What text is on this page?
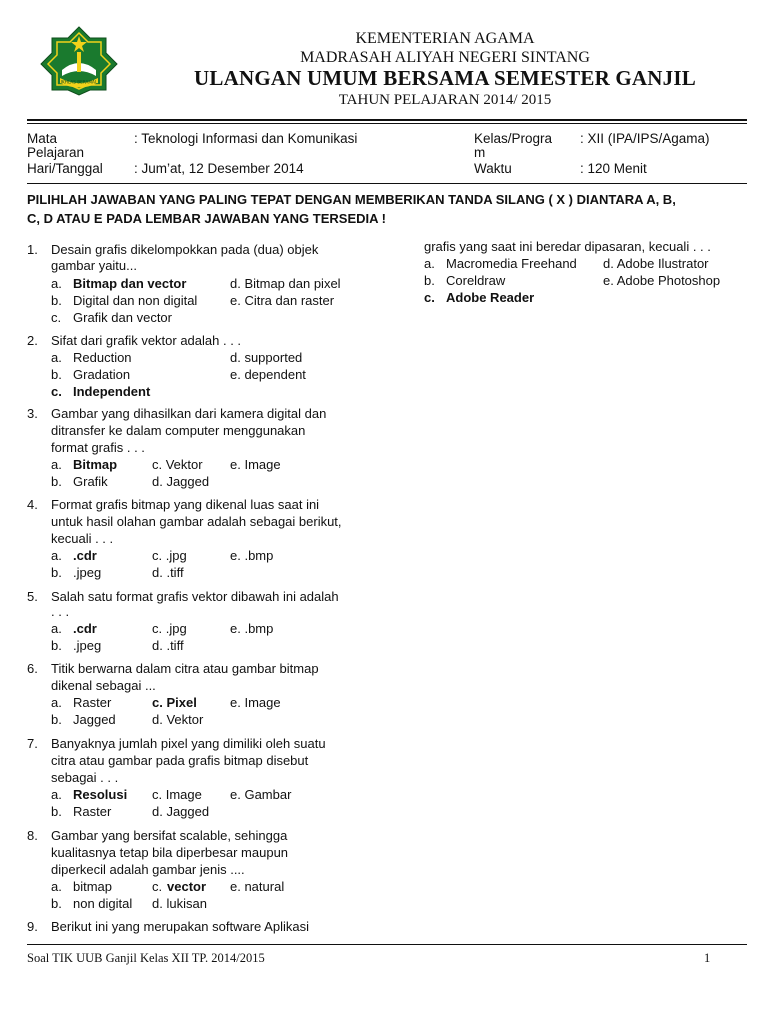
IKHLAS BERAMAL
KEMENTERIAN AGAMA
MADRASAH ALIYAH NEGERI SINTANG
ULANGAN UMUM BERSAMA SEMESTER GANJIL
TAHUN PELAJARAN 2014/ 2015
Mata
Pelajaran
: Teknologi Informasi dan Komunikasi
Hari/Tanggal : Jum’at, 12 Desember 2014
Kelas/Progra
m
: XII (IPA/IPS/Agama)
Waktu	: 120 Menit
PILIHLAH JAWABAN YANG PALING TEPAT DENGAN MEMBERIKAN TANDA SILANG ( X ) DIANTARA A, B,
C, D ATAU E PADA LEMBAR JAWABAN YANG TERSEDIA !
1. Desain grafis dikelompokkan pada (dua) objek
gambar yaitu...
a. Bitmap dan vector
b. Digital dan non digital
c. Grafik dan vector
d. Bitmap dan pixel
e. Citra dan raster
2. Sifat dari grafik vektor adalah . . .
a. Reduction
b. Gradation
c. Independent
d. supported
e. dependent
3. Gambar yang dihasilkan dari kamera digital dan
ditransfer ke dalam computer menggunakan
format grafis . . .
a. Bitmap
b. Grafik
c. Vektor
d. Jagged
e. Image
4. Format grafis bitmap yang dikenal luas saat ini
untuk hasil olahan gambar adalah sebagai berikut,
kecuali . . .
a. .cdr
b. .jpeg
c. .jpg
d. .tiff
e. .bmp
5. Salah satu format grafis vektor dibawah ini adalah
. . .
a. .cdr
b. .jpeg
c. .jpg
d. .tiff
e. .bmp
6. Titik berwarna dalam citra atau gambar bitmap
dikenal sebagai ...
a. Raster
b. Jagged
c. Pixel
d. Vektor
e. Image
7. Banyaknya jumlah pixel yang dimiliki oleh suatu
citra atau gambar pada grafis bitmap disebut
sebagai . . .
a. Resolusi
b. Raster
c. Image
d. Jagged
e. Gambar
8. Gambar yang bersifat scalable, sehingga
kualitasnya tetap bila diperbesar maupun
diperkecil adalah gambar jenis ....
a. bitmap
b. non digital
c. vector
d. lukisan
e. natural
9. Berikut ini yang merupakan software Aplikasi
grafis yang saat ini beredar dipasaran, kecuali . . .
a. Macromedia Freehand
b. Coreldraw
c. Adobe Reader
d. Adobe Ilustrator
e. Adobe Photoshop
Soal TIK UUB Ganjil Kelas XII TP. 2014/2015	1
